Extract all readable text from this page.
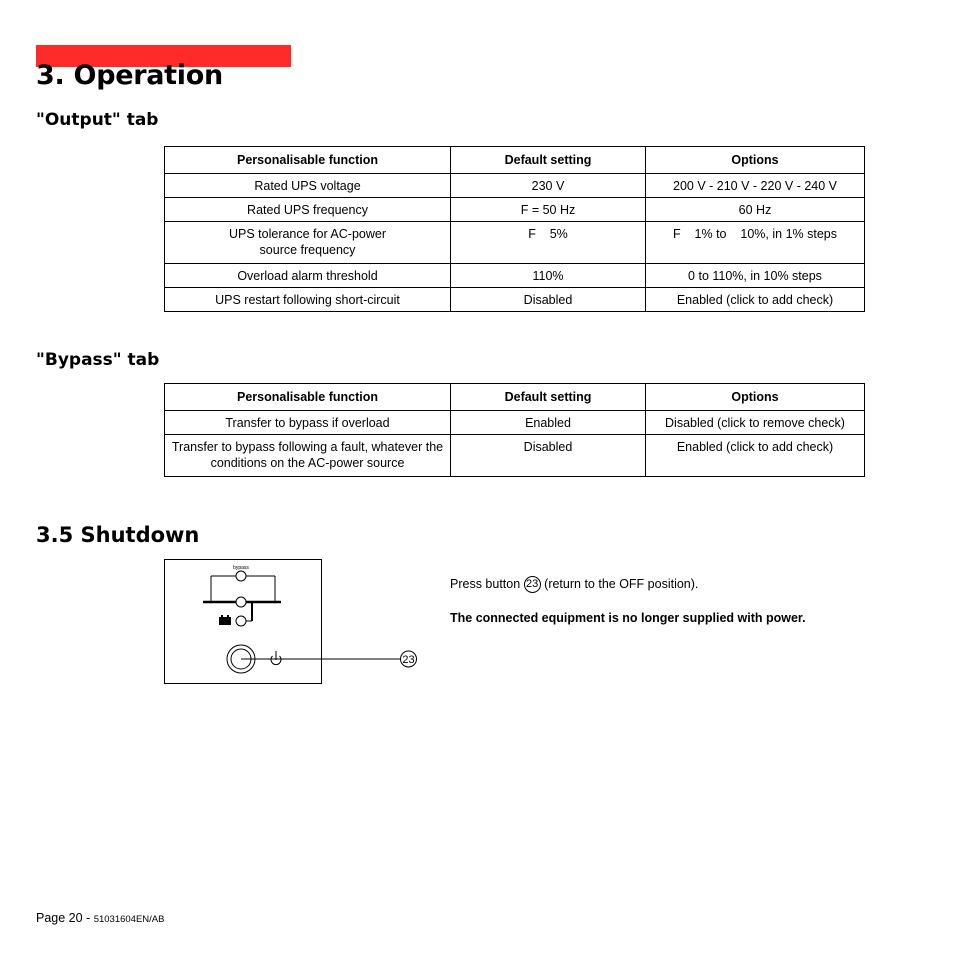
3. Operation
"Output" tab
Personalisable function	Default setting	Options
Rated UPS voltage	230 V	200 V - 210 V - 220 V - 240 V
Rated UPS frequency	F = 50 Hz	60 Hz
UPS tolerance for AC-power source frequency	F    5%	F    1% to    10%, in 1% steps
Overload alarm threshold	110%	0 to 110%, in 10% steps
UPS restart following short-circuit	Disabled	Enabled (click to add check)
"Bypass" tab
Personalisable function	Default setting	Options
Transfer to bypass if overload	Enabled	Disabled (click to remove check)
Transfer to bypass following a fault, whatever the conditions on the AC-power source	Disabled	Enabled (click to add check)
3.5 Shutdown
bypass
23
Press button 23 (return to the OFF position).
The connected equipment is no longer supplied with power.
Page 20 - 51031604EN/AB
